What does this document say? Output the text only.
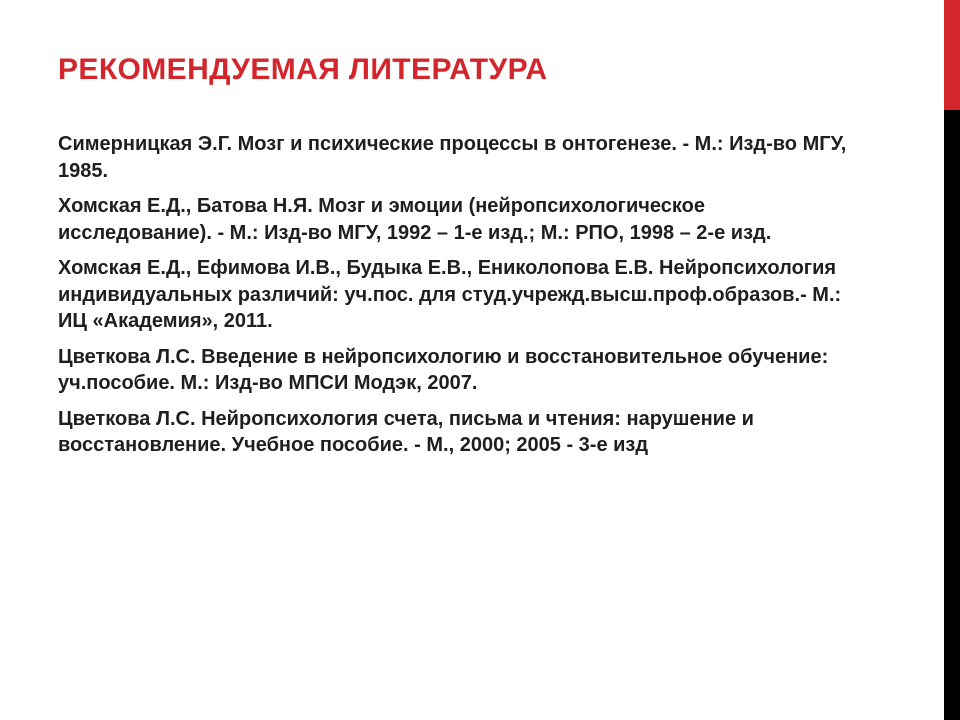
РЕКОМЕНДУЕМАЯ ЛИТЕРАТУРА
Симерницкая Э.Г. Мозг и психические процессы в онтогенезе. - М.: Изд-во МГУ, 1985.
Хомская Е.Д., Батова Н.Я. Мозг и эмоции (нейропсихологическое исследование). - М.: Изд-во МГУ, 1992 – 1-е изд.; М.: РПО, 1998 – 2-е изд.
Хомская Е.Д., Ефимова И.В., Будыка Е.В., Ениколопова Е.В. Нейропсихология индивидуальных различий: уч.пос. для студ.учрежд.высш.проф.образов.- М.: ИЦ «Академия», 2011.
Цветкова Л.С. Введение в нейропсихологию и восстановительное обучение: уч.пособие. М.: Изд-во МПСИ Модэк, 2007.
Цветкова Л.С. Нейропсихология счета, письма и чтения: нарушение и восстановление. Учебное пособие. - М., 2000; 2005 - 3-е изд
